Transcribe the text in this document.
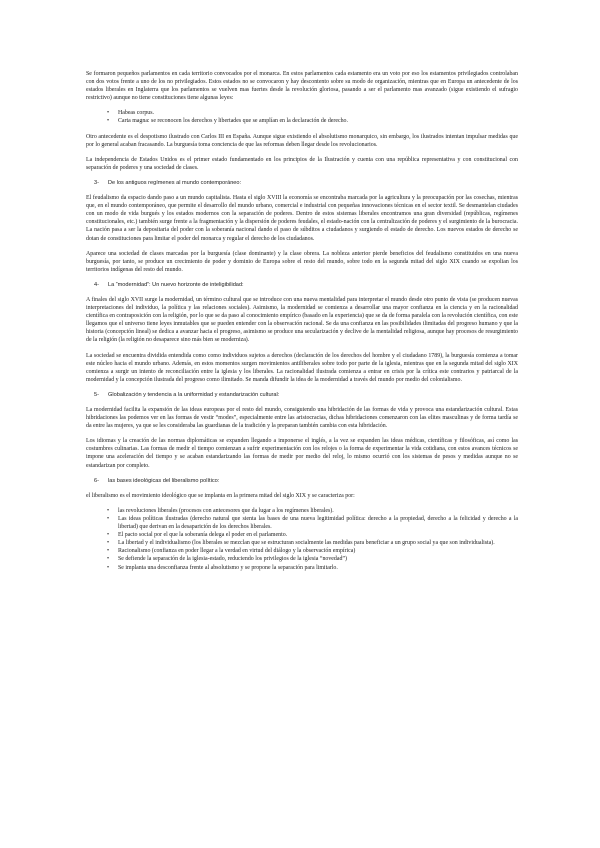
Se formaron pequeños parlamentos en cada territorio convocados por el monarca. En estos parlamentos cada estamento era un voto por eso los estamentos privilegiados controlaban con dos votos frente a uno de los no privilegiados. Estos estados no se convocaron y hay descontento sobre su modo de organización, mientras que en Europa un antecedente de los estados liberales en Inglaterra que los parlamentos se vuelven mas fuertes desde la revolución gloriosa, pasando a ser el parlamento mas avanzado (sigue existiendo el sufragio restrictivo) aunque no tiene constituciones tiene algunas leyes:

• Habeas corpus.
• Carta magna: se reconocen los derechos y libertades que se amplían en la declaración de derecho.

Otro antecedente es el despotismo ilustrado con Carlos III en España. Aunque sigue existiendo el absolutismo monarquico, sin embargo, los ilustrados intentan impulsar medidas que por lo general acaban fracasando. La burguesía toma conciencia de que las reformas deben llegar desde los revolucionarios.

La independencia de Estados Unidos es el primer estado fundamentado en los principios de la Ilustración y cuenta con una república representativa y con constitucional con separación de poderes y una sociedad de clases.

3- De los antiguos regímenes al mundo contemporáneo:

El feudalismo da espacio dando paso a un mundo capitalista. Hasta el siglo XVIII la economía se encontraba marcada por la agricultura y la preocupación por las cosechas, mientras que, en el mundo contemporáneo, que permite el desarrollo del mundo urbano, comercial e industrial con pequeñas innovaciones técnicas en el sector textil. Se desmantelan ciudades con un modo de vida burgués y los estados modernos con la separación de poderes. Dentro de estos sistemas liberales encontramos una gran diversidad (repúblicas, regímenes constitucionales, etc.) también surge frente a la fragmentación y la dispersión de poderes feudales, el estado-nación con la centralización de poderes y el surgimiento de la burocracia. La nación pasa a ser la depositaria del poder con la soberanía nacional dando el paso de súbditos a ciudadanos y surgiendo el estado de derecho. Los nuevos estados de derecho se dotan de constituciones para limitar el poder del monarca y regular el derecho de los ciudadanos.

Aparece una sociedad de clases marcadas por la burguesía (clase dominante) y la clase obrera. La nobleza anterior pierde beneficios del feudalismo constituidos en una nueva burguesía, por tanto, se produce un crecimiento de poder y dominio de Europa sobre el resto del mundo, sobre todo en la segunda mitad del siglo XIX cuando se expolian los territorios indígenas del resto del mundo.

4- La “modernidad”: Un nuevo horizonte de inteligibilidad:

A finales del siglo XVII surge la modernidad, un término cultural que se introduce con una nueva mentalidad para interpretar el mundo desde otro punto de vista (se producen nuevas interpretaciones del individuo, la política y las relaciones sociales). Asimismo, la modernidad se comienza a desarrollar una mayor confianza en la ciencia y en la racionalidad científica en contraposición con la religión, por lo que se da paso al conocimiento empírico (basado en la experiencia) que se da de forma paralela con la revolución científica, con este llegamos que el universo tiene leyes inmutables que se pueden entender con la observación racional. Se da una confianza en las posibilidades ilimitadas del progreso humano y que la historia (concepción lineal) se dedica a avanzar hacia el progreso, asimismo se produce una secularización y declive de la mentalidad religiosa, aunque hay procesos de resurgimiento de la religión (la religión no desaparece sino más bien se moderniza).

La sociedad se encuentra dividida entendida como como individuos sujetos a derechos (declaración de los derechos del hombre y el ciudadano 1789), la burguesía comienza a tomar este núcleo hacia el mundo urbano. Además, en estos momentos surgen movimientos antiliberales sobre todo por parte de la iglesia, mientras que en la segunda mitad del siglo XIX comienza a surgir un intento de reconciliación entre la iglesia y los liberales. La racionalidad ilustrada comienza a entrar en crisis por la crítica este contrarios y patriarcal de la modernidad y la concepción ilustrada del progreso como ilimitado. Se manda difundir la idea de la modernidad a través del mundo por medio del colonialismo.

5- Globalización y tendencia a la uniformidad y estandarización cultural:

La modernidad facilita la expansión de las ideas europeas por el resto del mundo, consiguiendo una hibridación de las formas de vida y provoca una estandarización cultural. Estas hibridaciones las podemos ver en las formas de vestir “modes”, especialmente entre las aristocracias, dichas hibridaciones comenzaron con las elites masculinas y de forma tardía se da entre las mujeres, ya que se les consideraba las guardianas de la tradición y la preparan también cambia con esta hibridación.

Los idiomas y la creación de las normas diplomáticas se expanden llegando a imponerse el inglés, a la vez se expanden las ideas médicas, científicas y filosóficas, así como las costumbres culinarias. Las formas de medir el tiempo comienzan a sufrir experimentación con los relojes o la forma de experimentar la vida cotidiana, con estos avances técnicos se impone una aceleración del tiempo y se acaban estandarizando las formas de medir por medio del reloj, lo mismo ocurrió con los sistemas de pesos y medidas aunque no se estandarizan por completo.

6- las bases ideológicas del liberalismo político:

el liberalismo es el movimiento ideológico que se implanta en la primera mitad del siglo XIX y se caracteriza por:

• las revoluciones liberales (procesos con antecesores que da lugar a los regímenes liberales).
• Las ideas políticas ilustradas (derecho natural que sienta las bases de una nueva legitimidad política: derecho a la propiedad, derecho a la felicidad y derecho a la libertad) que derivan en la desaparición de los derechos liberales.
• El pacto social por el que la soberanía delega el poder en el parlamento.
• La libertad y el individualismo (los liberales se mezclan que se estructuran socialmente las medidas para beneficiar a un grupo social ya que son individualista).
• Racionalismo (confianza en poder llegar a la verdad en virtud del diálogo y la observación empírica)
• Se defiende la separación de la iglesia-estado, reduciendo los privilegios de la iglesia “novedad”)
• Se implanta una desconfianza frente al absolutismo y se propone la separación para limitarlo.
